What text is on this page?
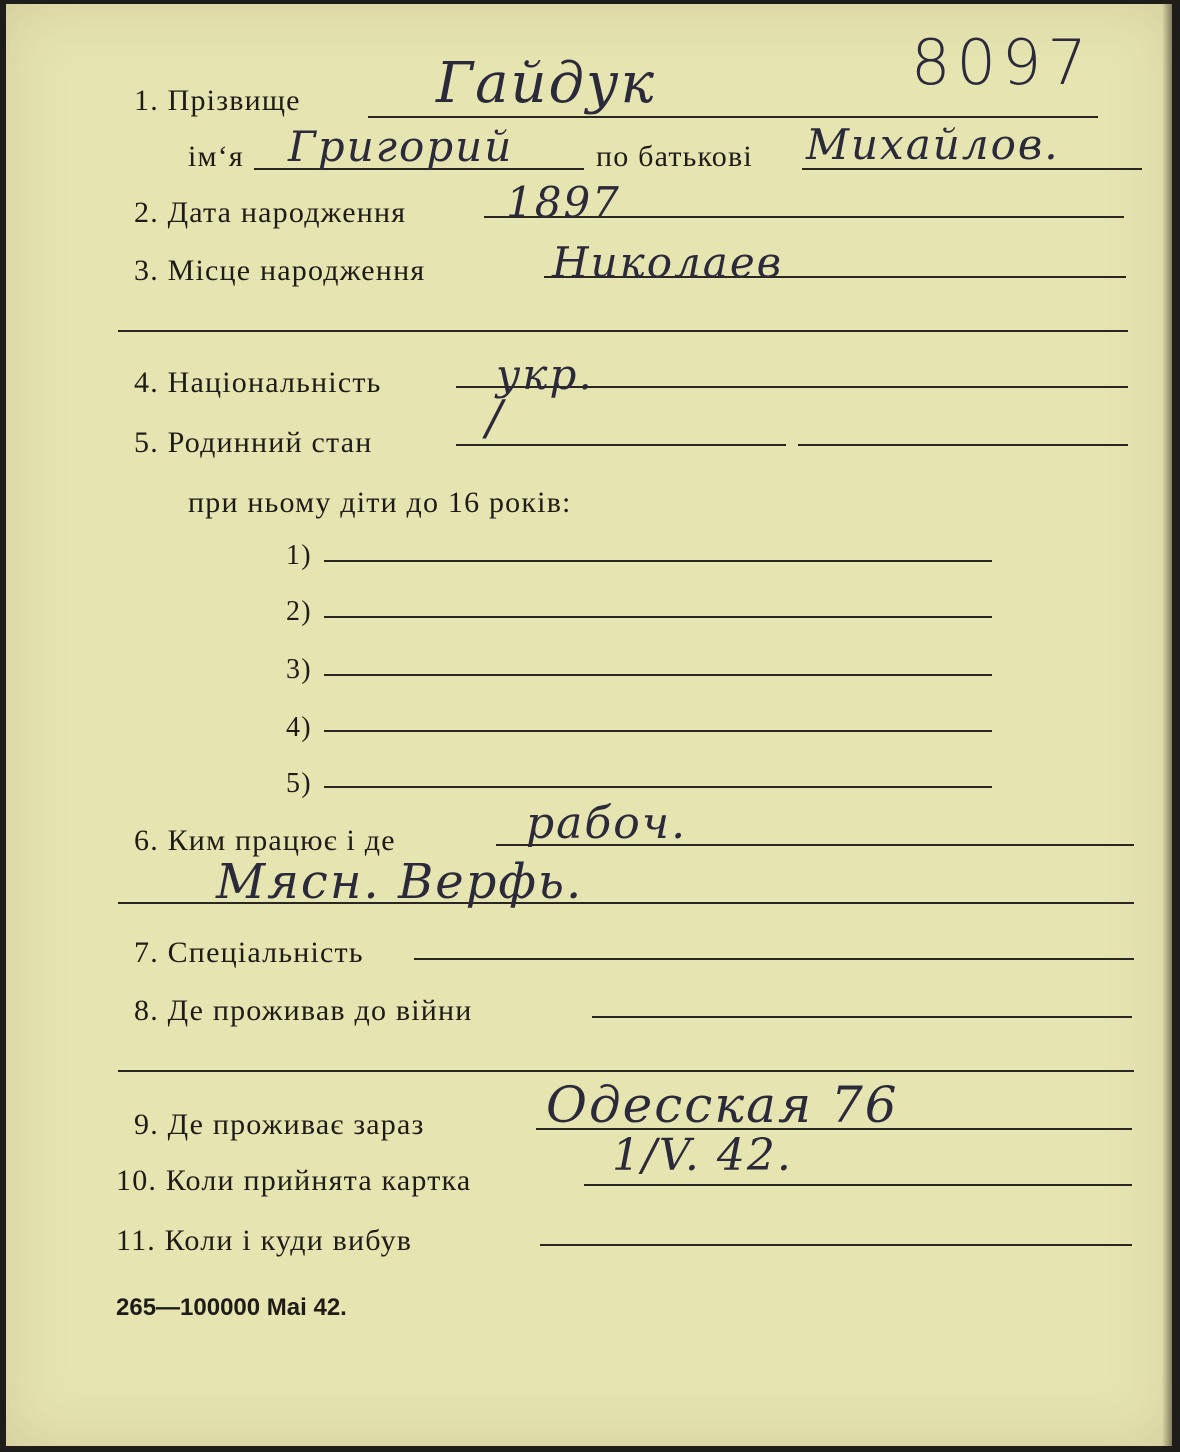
8097
1. Прізвище Гайдук
ім‘я Григорий	по батькові Михайлов.
2. Дата народження 1897
3. Місце народження	Николаев
4. Національність	укр.
5. Родинний стан /
при ньому діти до 16 років:
1)
2)
3)
4)
5)
6. Ким працює і де	рабоч.
Мясн. Верфь.
7. Спеціальність
8. Де проживав до війни
9. Де проживає зараз Одесская 76
10. Коли прийнята картка	1/V. 42.
11. Коли і куди вибув
265—100000 Mai 42.
